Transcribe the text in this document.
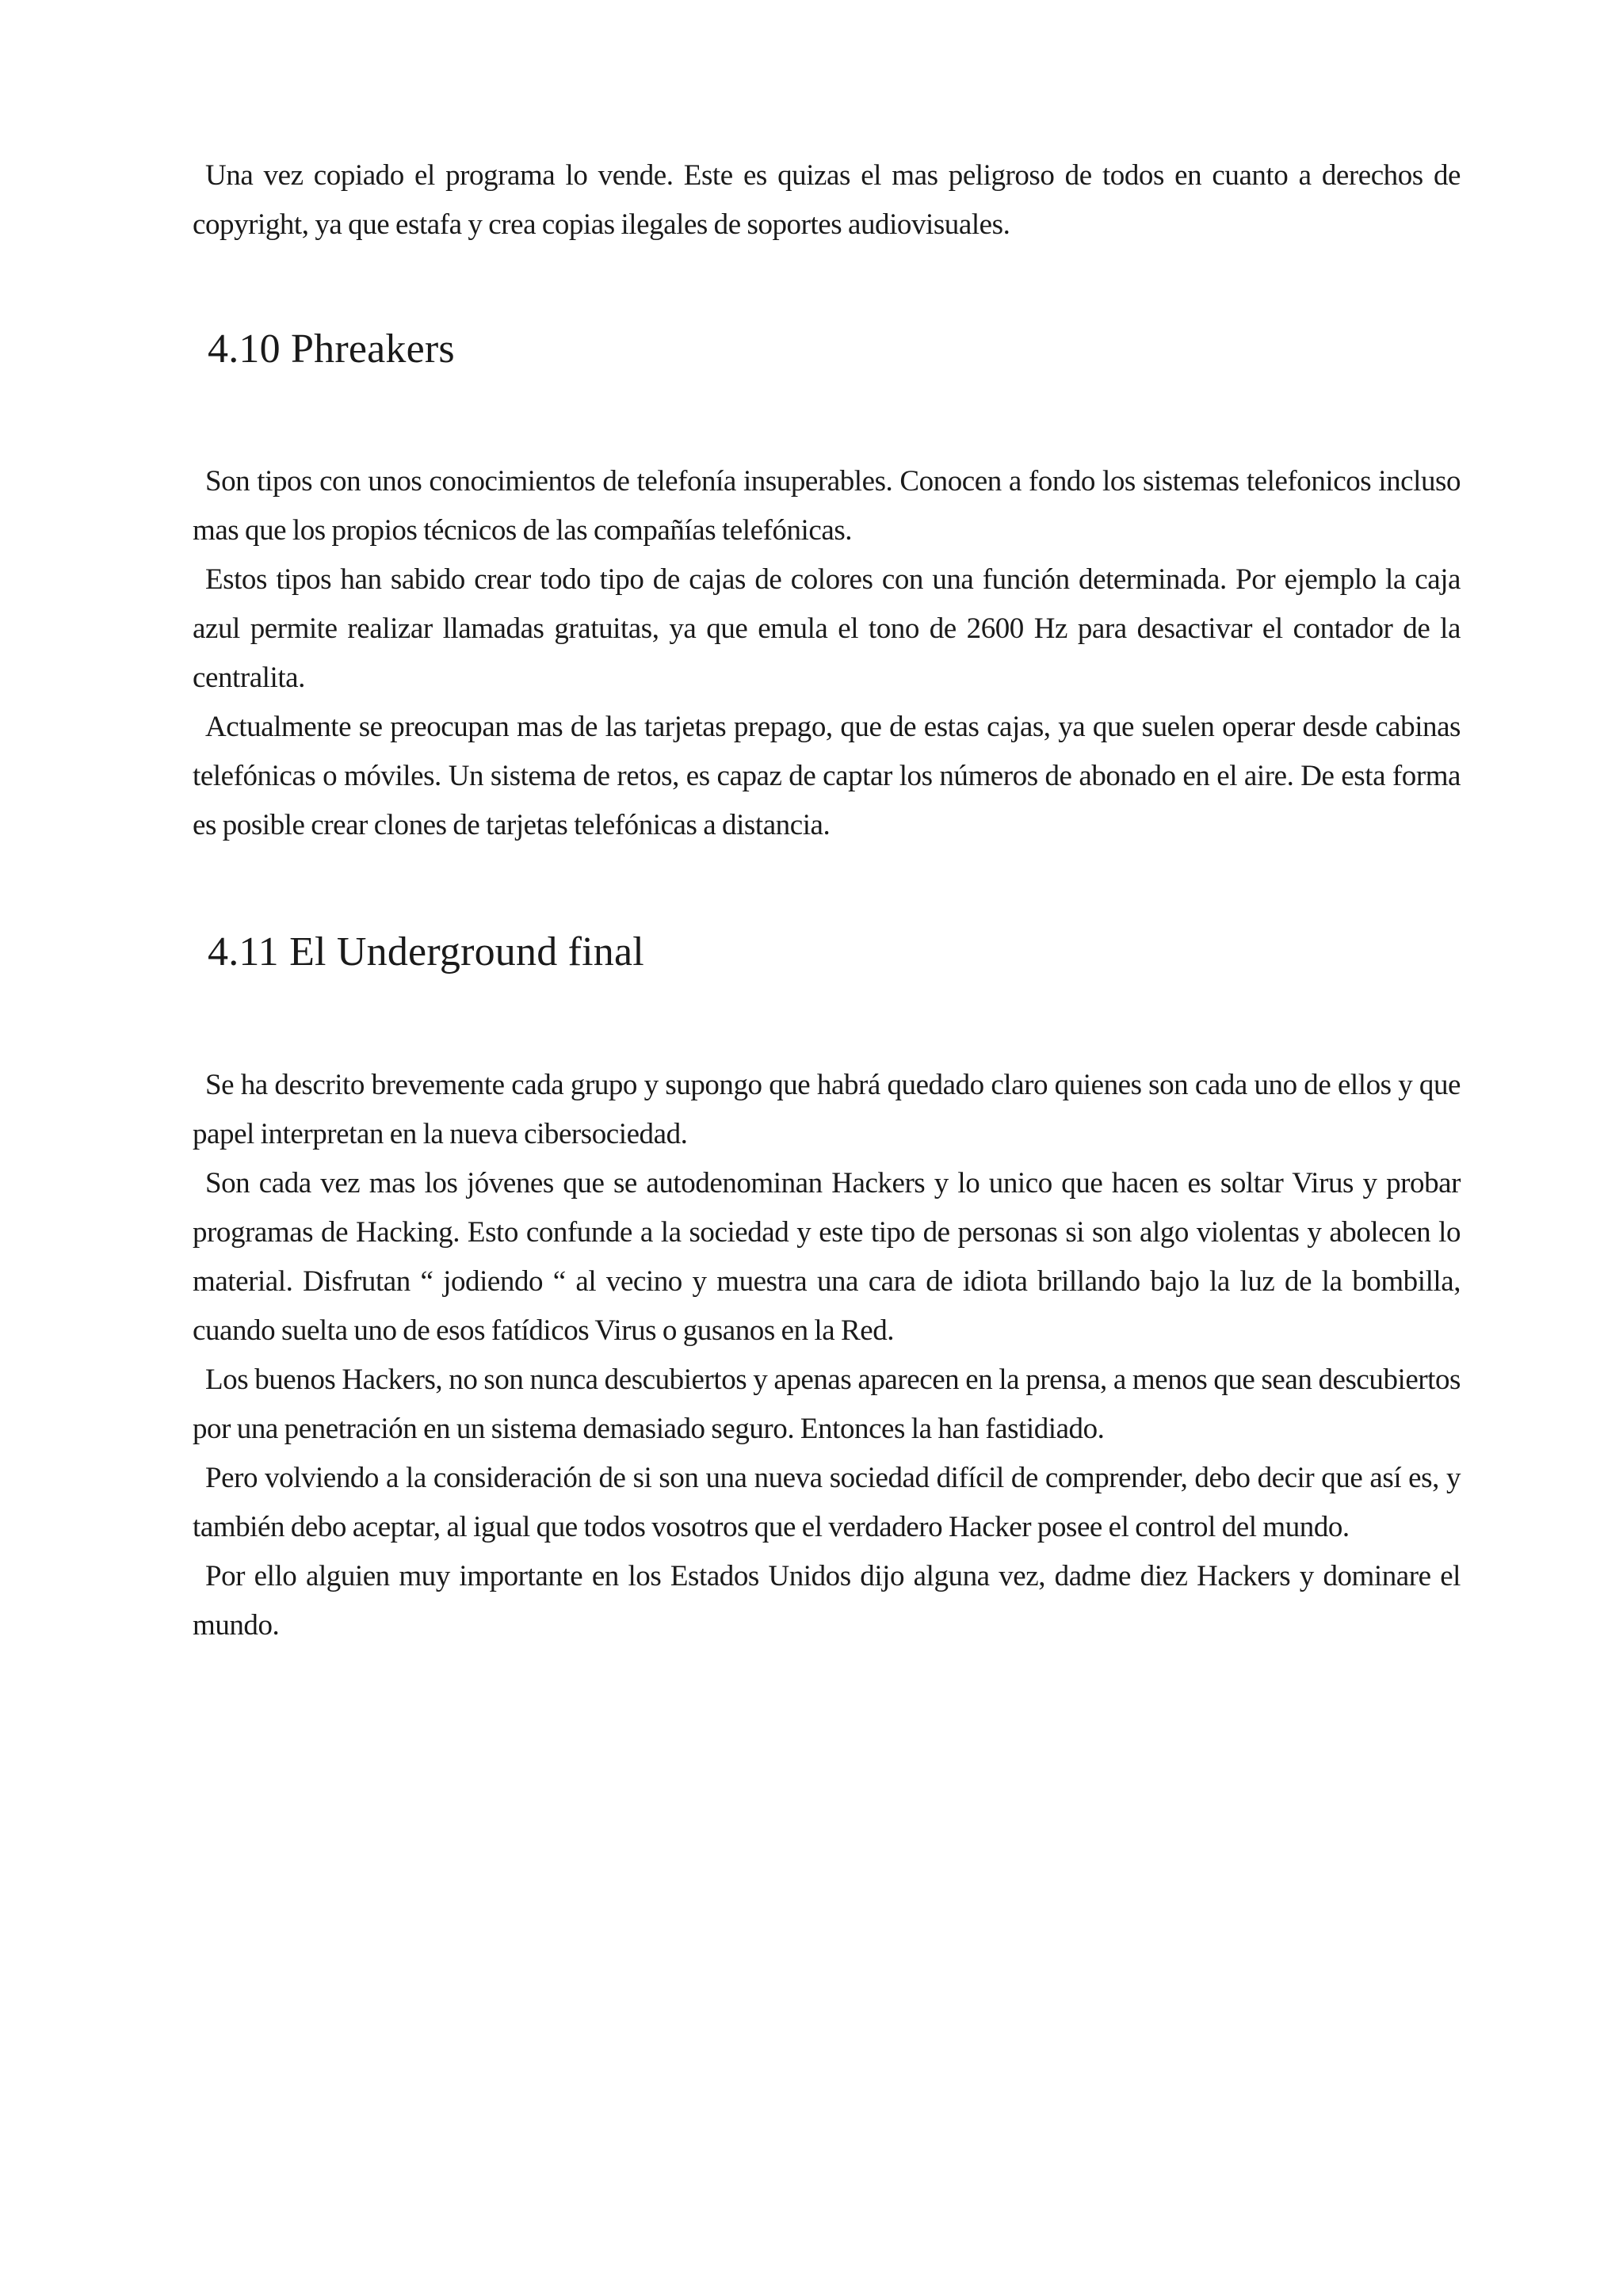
Una vez copiado el programa lo vende. Este es quizas el mas peligroso de todos en cuanto a derechos de copyright, ya que estafa y crea copias ilegales de soportes audiovisuales.

4.10 Phreakers

Son tipos con unos conocimientos de telefonía insuperables. Conocen a fondo los sistemas telefonicos incluso mas que los propios técnicos de las compañías telefónicas.

Estos tipos han sabido crear todo tipo de cajas de colores con una función determinada. Por ejemplo la caja azul permite realizar llamadas gratuitas, ya que emula el tono de 2600 Hz para desactivar el contador de la centralita.

Actualmente se preocupan mas de las tarjetas prepago, que de estas cajas, ya que suelen operar desde cabinas telefónicas o móviles. Un sistema de retos, es capaz de captar los números de abonado en el aire. De esta forma es posible crear clones de tarjetas telefónicas a distancia.

4.11 El Underground final

Se ha descrito brevemente cada grupo y supongo que habrá quedado claro quienes son cada uno de ellos y que papel interpretan en la nueva cibersociedad.

Son cada vez mas los jóvenes que se autodenominan Hackers y lo unico que hacen es soltar Virus y probar programas de Hacking. Esto confunde a la sociedad y este tipo de personas si son algo violentas y abolecen lo material. Disfrutan “ jodiendo “ al vecino y muestra una cara de idiota brillando bajo la luz de la bombilla, cuando suelta uno de esos fatídicos Virus o gusanos en la Red.

Los buenos Hackers, no son nunca descubiertos y apenas aparecen en la prensa, a menos que sean descubiertos por una penetración en un sistema demasiado seguro. Entonces la han fastidiado.

Pero volviendo a la consideración de si son una nueva sociedad difícil de comprender, debo decir que así es, y también debo aceptar, al igual que todos vosotros que el verdadero Hacker posee el control del mundo.

Por ello alguien muy importante en los Estados Unidos dijo alguna vez, dadme diez Hackers y dominare el mundo.
